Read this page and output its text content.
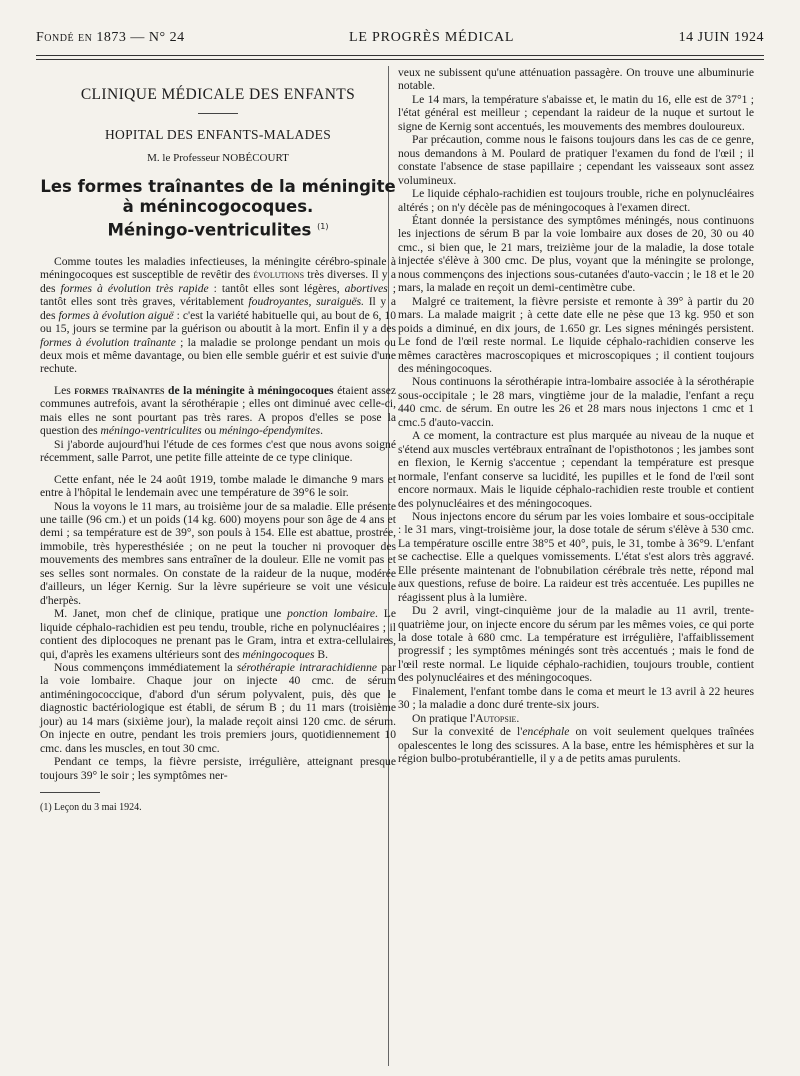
Fondé en 1873 — N° 24	LE PROGRÈS MÉDICAL	14 JUIN 1924

CLINIQUE MÉDICALE DES ENFANTS

HOPITAL DES ENFANTS-MALADES

M. le Professeur NOBÉCOURT

Les formes traînantes de la méningite

à ménincogocoques.

Méningo-ventriculites $^{(1)}$

Comme toutes les maladies infectieuses, la méningite cérébro-spinale à méningocoques est susceptible de revêtir des évolutions très diverses. Il y a des formes à évolution très rapide : tantôt elles sont légères, abortives ; tantôt elles sont très graves, véritablement foudroyantes, suraiguës. Il y a des formes à évolution aiguë : c'est la variété habituelle qui, au bout de 6, 10 ou 15, jours se termine par la guérison ou aboutit à la mort. Enfin il y a des formes à évolution traînante ; la maladie se prolonge pendant un mois ou deux mois et même davantage, ou bien elle semble guérir et est suivie d'une rechute.

Les formes traînantes de la méningite à méningocoques étaient assez communes autrefois, avant la sérothérapie ; elles ont diminué avec celle-ci, mais elles ne sont pourtant pas très rares. A propos d'elles se pose la question des méningo-ventriculites ou méningo-épendymites.

Si j'aborde aujourd'hui l'étude de ces formes c'est que nous avons soigné récemment, salle Parrot, une petite fille atteinte de ce type clinique.

Cette enfant, née le 24 août 1919, tombe malade le dimanche 9 mars et entre à l'hôpital le lendemain avec une température de 39°6 le soir.

Nous la voyons le 11 mars, au troisième jour de sa maladie. Elle présente une taille (96 cm.) et un poids (14 kg. 600) moyens pour son âge de 4 ans et demi ; sa température est de 39°, son pouls à 154. Elle est abattue, prostrée, immobile, très hyperesthésiée ; on ne peut la toucher ni provoquer des mouvements des membres sans entraîner de la douleur. Elle ne vomit pas et ses selles sont normales. On constate de la raideur de la nuque, modérée d'ailleurs, un léger Kernig. Sur la lèvre supérieure se voit une vésicule d'herpès.

M. Janet, mon chef de clinique, pratique une ponction lombaire. Le liquide céphalo-rachidien est peu tendu, trouble, riche en polynucléaires ; il contient des diplocoques ne prenant pas le Gram, intra et extra-cellulaires, qui, d'après les examens ultérieurs sont des méningocoques B.

Nous commençons immédiatement la sérothérapie intrarachidienne par la voie lombaire. Chaque jour on injecte 40 cmc. de sérum antiméningococcique, d'abord d'un sérum polyvalent, puis, dès que le diagnostic bactériologique est établi, de sérum B ; du 11 mars (troisième jour) au 14 mars (sixième jour), la malade reçoit ainsi 120 cmc. de sérum. On injecte en outre, pendant les trois premiers jours, quotidiennement 10 cmc. dans les muscles, en tout 30 cmc.

Pendant ce temps, la fièvre persiste, irrégulière, atteignant presque toujours 39° le soir ; les symptômes ner-

(1) Leçon du 3 mai 1924.

veux ne subissent qu'une atténuation passagère. On trouve une albuminurie notable.

Le 14 mars, la température s'abaisse et, le matin du 16, elle est de 37°1 ; l'état général est meilleur ; cependant la raideur de la nuque et surtout le signe de Kernig sont accentués, les mouvements des membres douloureux.

Par précaution, comme nous le faisons toujours dans les cas de ce genre, nous demandons à M. Poulard de pratiquer l'examen du fond de l'œil ; il constate l'absence de stase papillaire ; cependant les vaisseaux sont assez volumineux.

Le liquide céphalo-rachidien est toujours trouble, riche en polynucléaires altérés ; on n'y décèle pas de méningocoques à l'examen direct.

Étant donnée la persistance des symptômes méningés, nous continuons les injections de sérum B par la voie lombaire aux doses de 20, 30 ou 40 cmc., si bien que, le 21 mars, treizième jour de la maladie, la dose totale injectée s'élève à 300 cmc. De plus, voyant que la méningite se prolonge, nous commençons des injections sous-cutanées d'auto-vaccin ; le 18 et le 20 mars, la malade en reçoit un demi-centimètre cube.

Malgré ce traitement, la fièvre persiste et remonte à 39° à partir du 20 mars. La malade maigrit ; à cette date elle ne pèse que 13 kg. 950 et son poids a diminué, en dix jours, de 1.650 gr. Les signes méningés persistent. Le fond de l'œil reste normal. Le liquide céphalo-rachidien conserve les mêmes caractères macroscopiques et microscopiques ; il contient toujours des méningocoques.

Nous continuons la sérothérapie intra-lombaire associée à la sérothérapie sous-occipitale ; le 28 mars, vingtième jour de la maladie, l'enfant a reçu 440 cmc. de sérum. En outre les 26 et 28 mars nous injectons 1 cmc et 1 cmc.5 d'auto-vaccin.

A ce moment, la contracture est plus marquée au niveau de la nuque et s'étend aux muscles vertébraux entraînant de l'opisthotonos ; les jambes sont en flexion, le Kernig s'accentue ; cependant la température est presque normale, l'enfant conserve sa lucidité, les pupilles et le fond de l'œil sont encore normaux. Mais le liquide céphalo-rachidien reste trouble et contient des polynucléaires et des méningocoques.

Nous injectons encore du sérum par les voies lombaire et sous-occipitale : le 31 mars, vingt-troisième jour, la dose totale de sérum s'élève à 530 cmc. La température oscille entre 38°5 et 40°, puis, le 31, tombe à 36°9. L'enfant se cachectise. Elle a quelques vomissements. L'état s'est alors très aggravé. Elle présente maintenant de l'obnubilation cérébrale très nette, répond mal aux questions, refuse de boire. La raideur est très accentuée. Les pupilles ne réagissent plus à la lumière.

Du 2 avril, vingt-cinquième jour de la maladie au 11 avril, trente-quatrième jour, on injecte encore du sérum par les mêmes voies, ce qui porte la dose totale à 680 cmc. La température est irrégulière, l'affaiblissement progressif ; les symptômes méningés sont très accentués ; mais le fond de l'œil reste normal. Le liquide céphalo-rachidien, toujours trouble, contient des polynucléaires et des méningocoques.

Finalement, l'enfant tombe dans le coma et meurt le 13 avril à 22 heures 30 ; la maladie a donc duré trente-six jours.

On pratique l'Autopsie.

Sur la convexité de l'encéphale on voit seulement quelques traînées opalescentes le long des scissures. A la base, entre les hémisphères et sur la région bulbo-protubérantielle, il y a de petits amas purulents.
